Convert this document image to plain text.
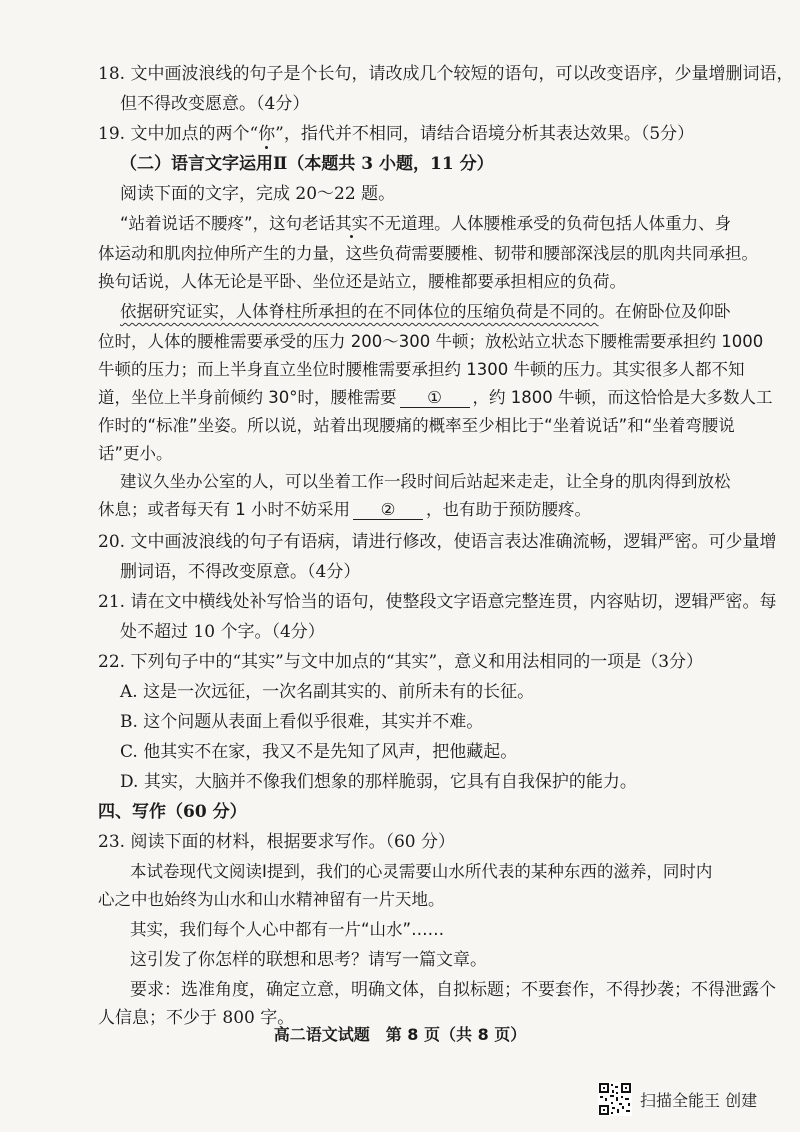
18. 文中画波浪线的句子是个长句，请改成几个较短的语句，可以改变语序，少量增删词语，
但不得改变愿意。（4分）
19. 文中加点的两个“你”，指代并不相同，请结合语境分析其表达效果。（5分）
（二）语言文字运用Ⅱ（本题共 3 小题，11 分）
阅读下面的文字，完成 20～22 题。
“站着说话不腰疼”，这句老话其实不无道理。人体腰椎承受的负荷包括人体重力、身
体运动和肌肉拉伸所产生的力量，这些负荷需要腰椎、韧带和腰部深浅层的肌肉共同承担。
换句话说，人体无论是平卧、坐位还是站立，腰椎都要承担相应的负荷。
依据研究证实，人体脊柱所承担的在不同体位的压缩负荷是不同的。在俯卧位及仰卧
位时，人体的腰椎需要承受的压力 200～300 牛顿；放松站立状态下腰椎需要承担约 1000
牛顿的压力；而上半身直立坐位时腰椎需要承担约 1300 牛顿的压力。其实很多人都不知
道，坐位上半身前倾约 30°时，腰椎需要 ① ，约 1800 牛顿，而这恰恰是大多数人工
作时的“标准”坐姿。所以说，站着出现腰痛的概率至少相比于“坐着说话”和“坐着弯腰说
话”更小。
建议久坐办公室的人，可以坐着工作一段时间后站起来走走，让全身的肌肉得到放松
休息；或者每天有 1 小时不妨采用 ② ，也有助于预防腰疼。
20. 文中画波浪线的句子有语病，请进行修改，使语言表达准确流畅，逻辑严密。可少量增
删词语，不得改变原意。（4分）
21. 请在文中横线处补写恰当的语句，使整段文字语意完整连贯，内容贴切，逻辑严密。每
处不超过 10 个字。（4分）
22. 下列句子中的“其实”与文中加点的“其实”，意义和用法相同的一项是（3分）
A. 这是一次远征，一次名副其实的、前所未有的长征。
B. 这个问题从表面上看似乎很难，其实并不难。
C. 他其实不在家，我又不是先知了风声，把他藏起。
D. 其实，大脑并不像我们想象的那样脆弱，它具有自我保护的能力。
四、写作（60 分）
23. 阅读下面的材料，根据要求写作。（60 分）
本试卷现代文阅读Ⅰ提到，我们的心灵需要山水所代表的某种东西的滋养，同时内
心之中也始终为山水和山水精神留有一片天地。
其实，我们每个人心中都有一片“山水”……
这引发了你怎样的联想和思考？请写一篇文章。
要求：选准角度，确定立意，明确文体，自拟标题；不要套作，不得抄袭；不得泄露个
人信息；不少于 800 字。
高二语文试题　第 8 页（共 8 页）
扫描全能王 创建
